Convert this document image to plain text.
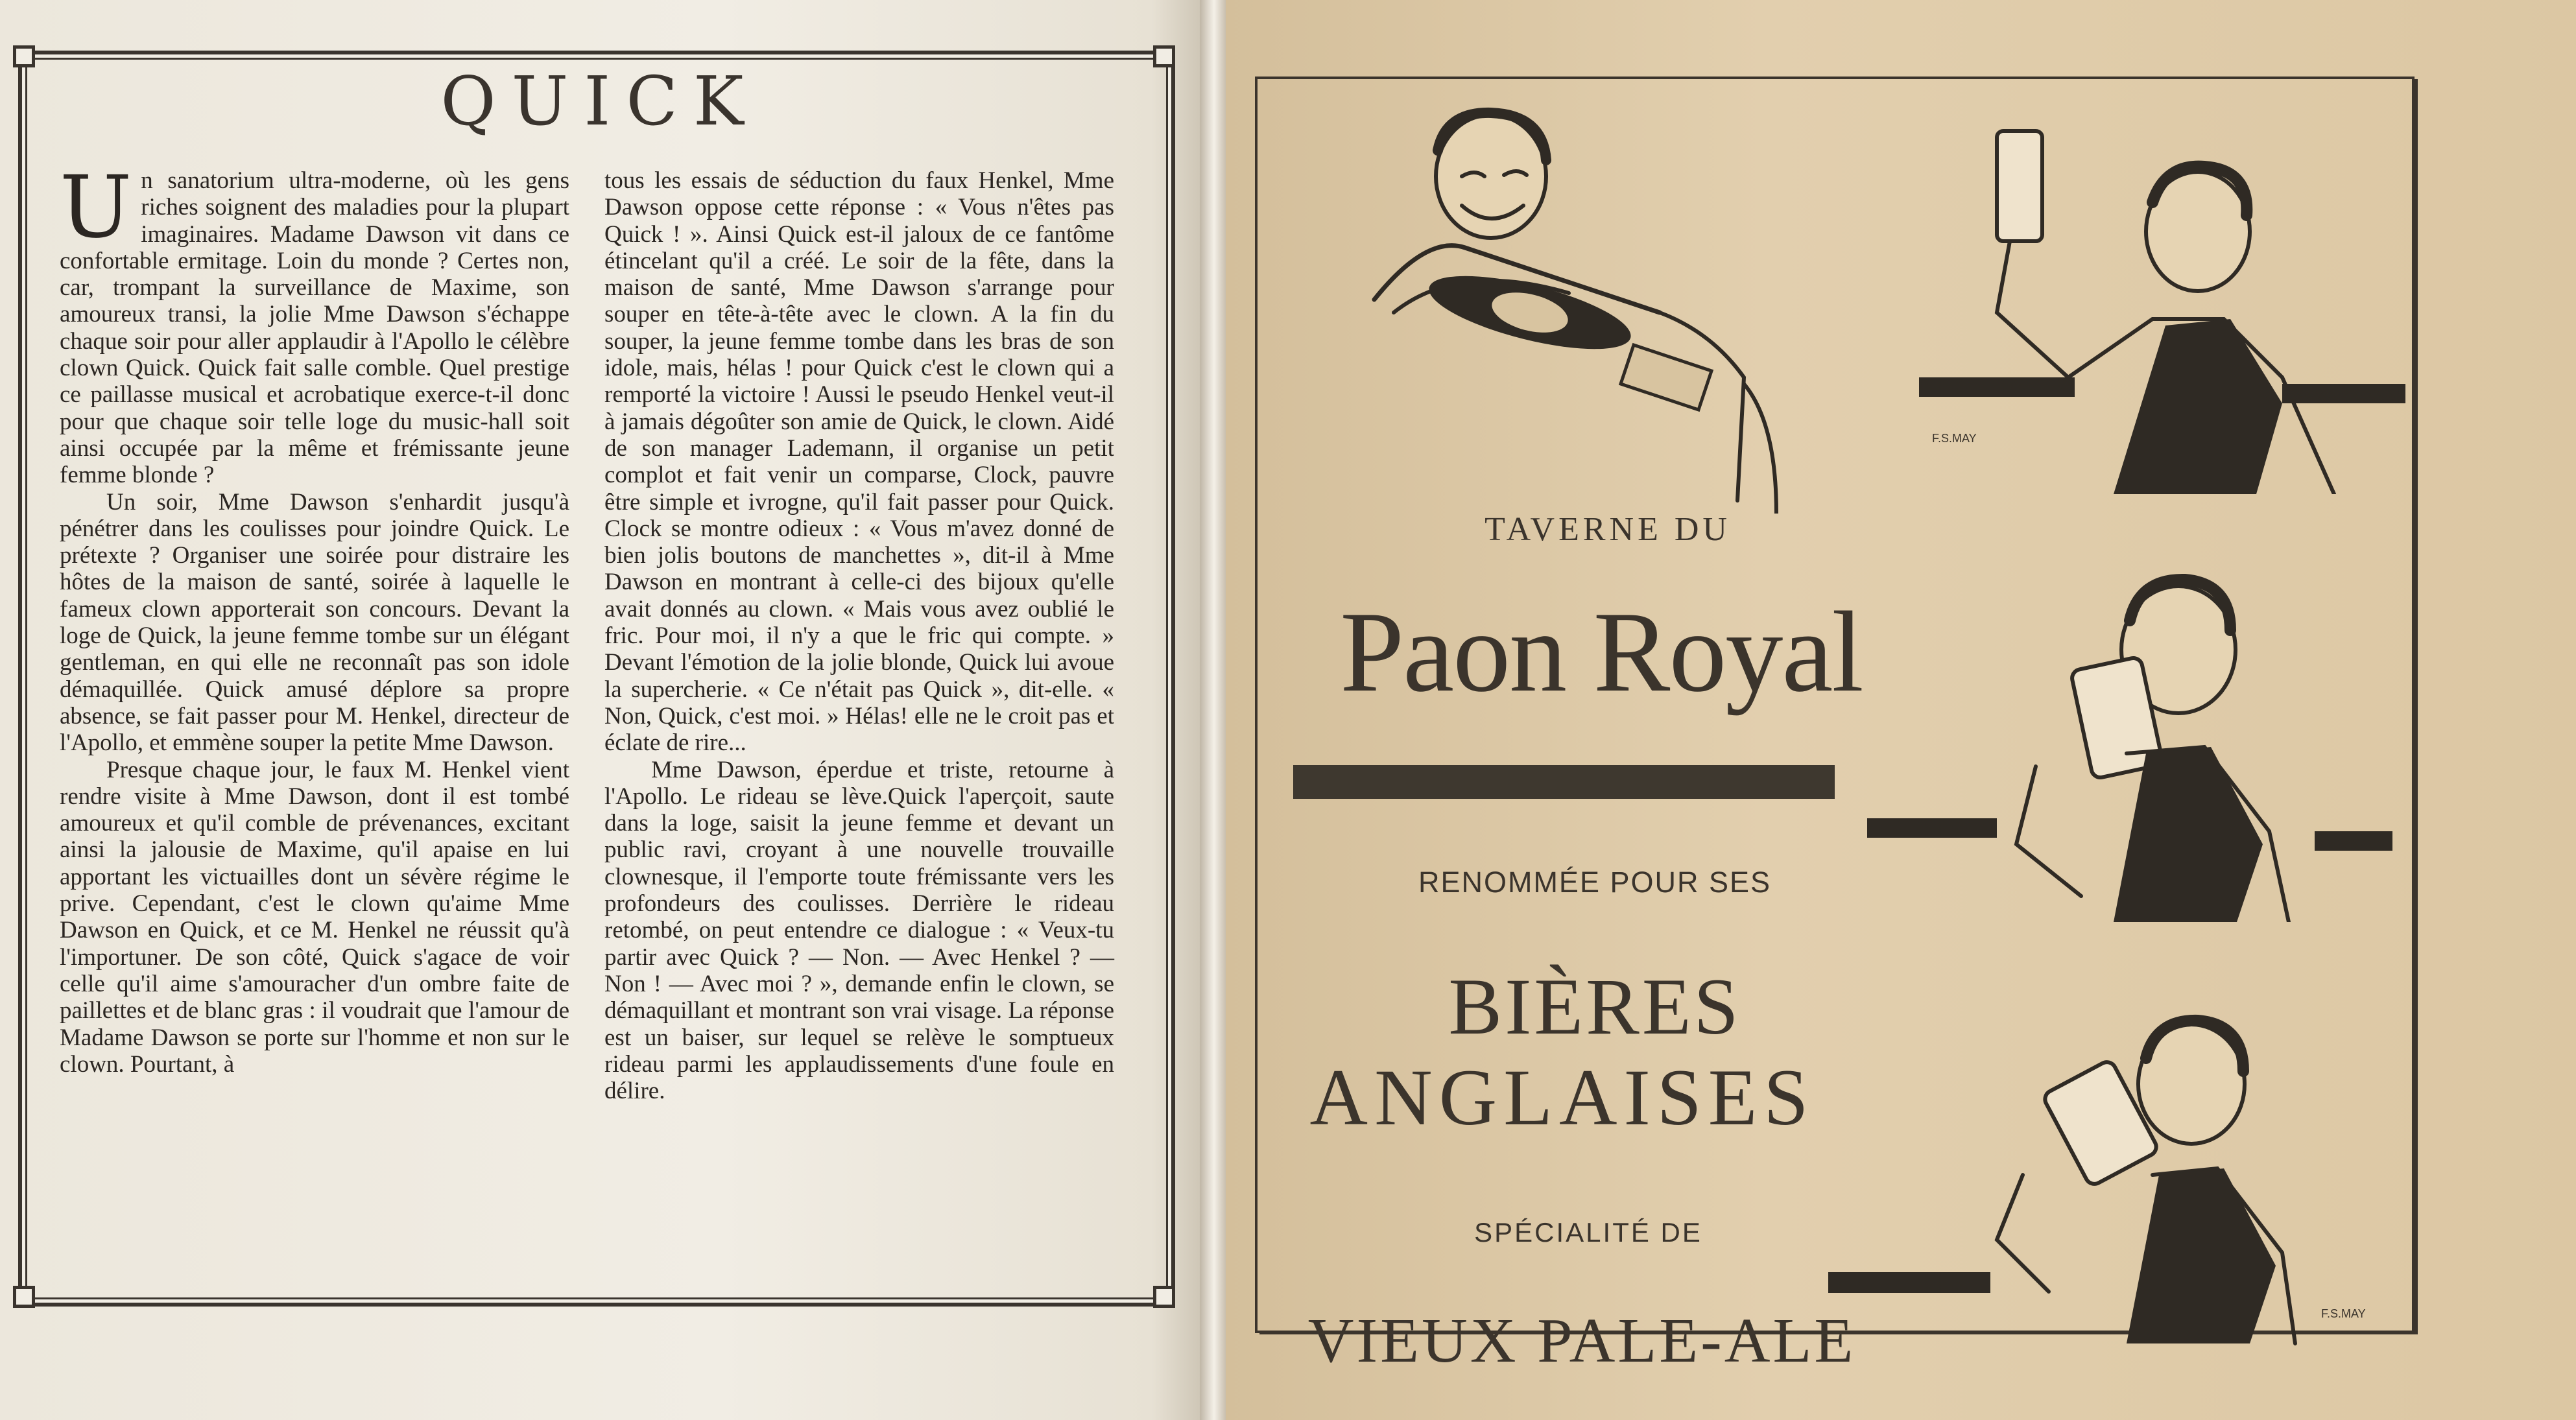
QUICK

Un sanatorium ultra-moderne, où les gens riches soignent des maladies pour la plupart imaginaires. Madame Dawson vit dans ce confortable ermitage. Loin du monde ? Certes non, car, trompant la surveillance de Maxime, son amoureux transi, la jolie Mme Dawson s'échappe chaque soir pour aller applaudir à l'Apollo le célèbre clown Quick. Quick fait salle comble. Quel prestige ce paillasse musical et acrobatique exerce-t-il donc pour que chaque soir telle loge du music-hall soit ainsi occupée par la même et frémissante jeune femme blonde ?

Un soir, Mme Dawson s'enhardit jusqu'à pénétrer dans les coulisses pour joindre Quick. Le prétexte ? Organiser une soirée pour distraire les hôtes de la maison de santé, soirée à laquelle le fameux clown apporterait son concours. Devant la loge de Quick, la jeune femme tombe sur un élégant gentleman, en qui elle ne reconnaît pas son idole démaquillée. Quick amusé déplore sa propre absence, se fait passer pour M. Henkel, directeur de l'Apollo, et emmène souper la petite Mme Dawson.

Presque chaque jour, le faux M. Henkel vient rendre visite à Mme Dawson, dont il est tombé amoureux et qu'il comble de prévenances, excitant ainsi la jalousie de Maxime, qu'il apaise en lui apportant les victuailles dont un sévère régime le prive. Cependant, c'est le clown qu'aime Mme Dawson en Quick, et ce M. Henkel ne réussit qu'à l'importuner. De son côté, Quick s'agace de voir celle qu'il aime s'amouracher d'un ombre faite de paillettes et de blanc gras : il voudrait que l'amour de Madame Dawson se porte sur l'homme et non sur le clown. Pourtant, à

tous les essais de séduction du faux Henkel, Mme Dawson oppose cette réponse : « Vous n'êtes pas Quick ! ». Ainsi Quick est-il jaloux de ce fantôme étincelant qu'il a créé. Le soir de la fête, dans la maison de santé, Mme Dawson s'arrange pour souper en tête-à-tête avec le clown. A la fin du souper, la jeune femme tombe dans les bras de son idole, mais, hélas ! pour Quick c'est le clown qui a remporté la victoire ! Aussi le pseudo Henkel veut-il à jamais dégoûter son amie de Quick, le clown. Aidé de son manager Lademann, il organise un petit complot et fait venir un comparse, Clock, pauvre être simple et ivrogne, qu'il fait passer pour Quick. Clock se montre odieux : « Vous m'avez donné de bien jolis boutons de manchettes », dit-il à Mme Dawson en montrant à celle-ci des bijoux qu'elle avait donnés au clown. « Mais vous avez oublié le fric. Pour moi, il n'y a que le fric qui compte. » Devant l'émotion de la jolie blonde, Quick lui avoue la supercherie. « Ce n'était pas Quick », dit-elle. « Non, Quick, c'est moi. » Hélas! elle ne le croit pas et éclate de rire...

Mme Dawson, éperdue et triste, retourne à l'Apollo. Le rideau se lève.Quick l'aperçoit, saute dans la loge, saisit la jeune femme et devant un public ravi, croyant à une nouvelle trouvaille clownesque, il l'emporte toute frémissante vers les profondeurs des coulisses. Derrière le rideau retombé, on peut entendre ce dialogue : « Veux-tu partir avec Quick ? — Non. — Avec Henkel ? — Non ! — Avec moi ? », demande enfin le clown, se démaquillant et montrant son vrai visage. La réponse est un baiser, sur lequel se relève le somptueux rideau parmi les applaudissements d'une foule en délire.

TAVERNE DU

Paon Royal

RENOMMÉE POUR SES

BIÈRES

ANGLAISES

SPÉCIALITÉ DE

VIEUX PALE-ALE

F.S.MAY
F.S.MAY
